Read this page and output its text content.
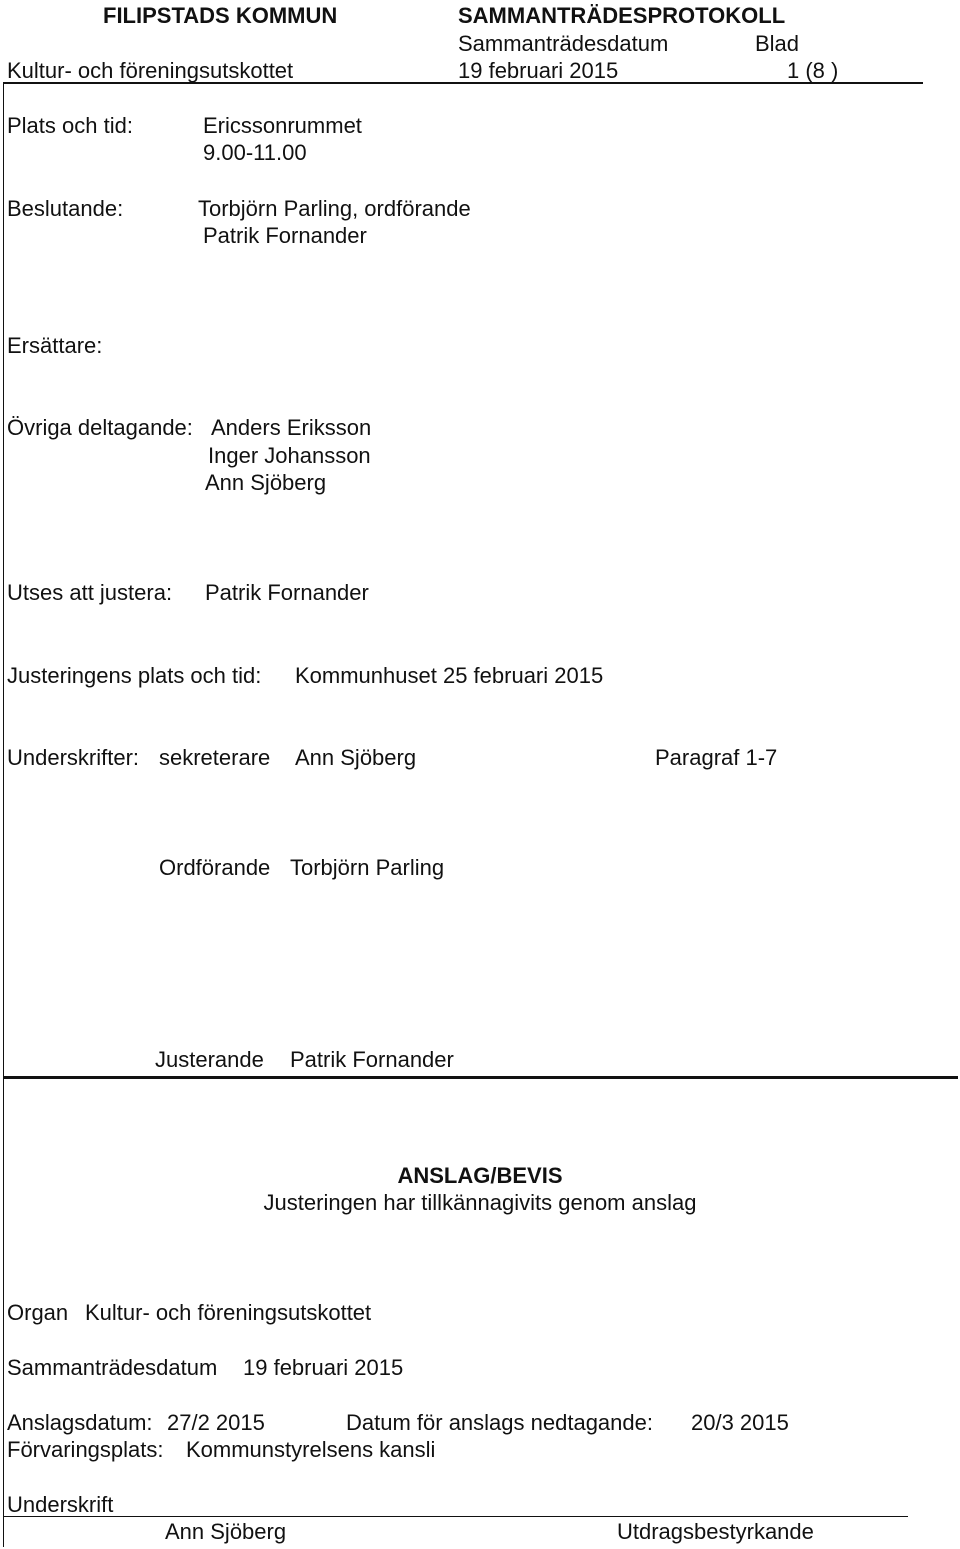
FILIPSTADS KOMMUN	SAMMANTRÄDESPROTOKOLL
Sammanträdesdatum	Blad
Kultur- och föreningsutskottet	19 februari 2015	1 (8 )
Plats och tid:	Ericssonrummet
9.00-11.00
Beslutande:	Torbjörn Parling, ordförande
Patrik Fornander
Ersättare:
Övriga deltagande: Anders Eriksson
Inger Johansson
Ann Sjöberg
Utses att justera: Patrik Fornander
Justeringens plats och tid: Kommunhuset 25 februari 2015
Underskrifter: sekreterare Ann Sjöberg	Paragraf 1-7
Ordförande Torbjörn Parling
Justerande Patrik Fornander
ANSLAG/BEVIS
Justeringen har tillkännagivits genom anslag
Organ Kultur- och föreningsutskottet
Sammanträdesdatum 19 februari 2015
Anslagsdatum: 27/2 2015	Datum för anslags nedtagande: 20/3 2015
Förvaringsplats: Kommunstyrelsens kansli
Underskrift
Ann Sjöberg	Utdragsbestyrkande
